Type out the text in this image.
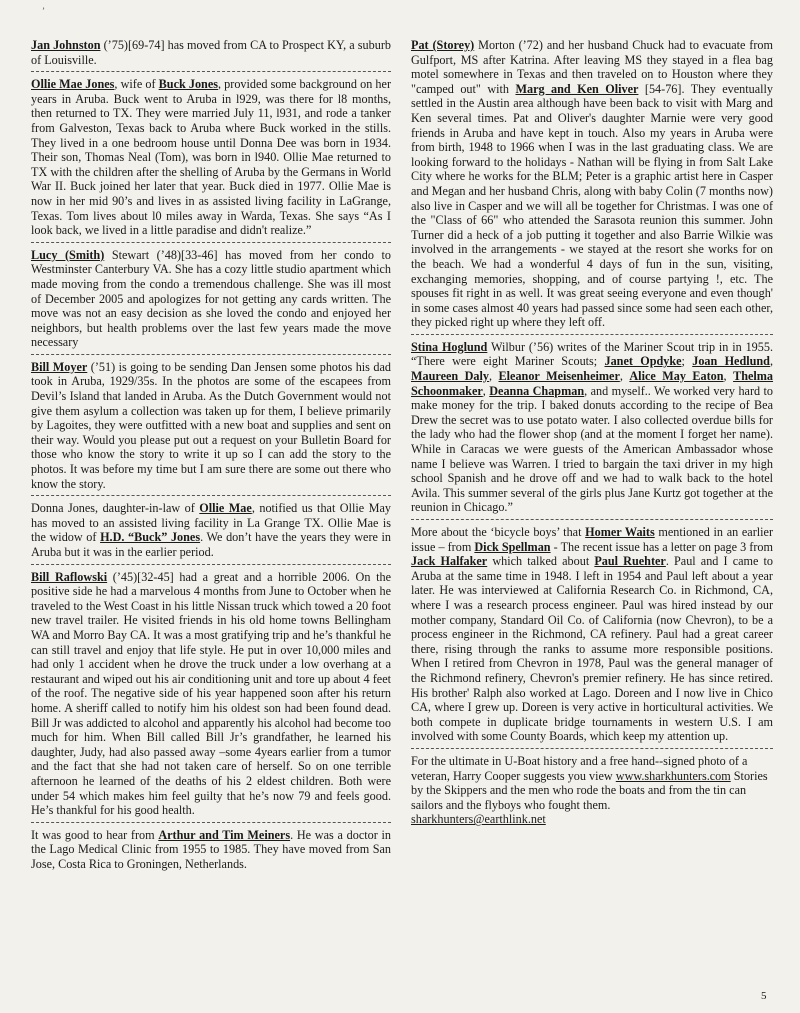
’

Jan Johnston (’75)[69-74] has moved from CA to Prospect KY, a suburb of Louisville.

Ollie Mae Jones, wife of Buck Jones, provided some background on her years in Aruba. Buck went to Aruba in l929, was there for l8 months, then returned to TX. They were married July 11, l931, and rode a tanker from Galveston, Texas back to Aruba where Buck worked in the stills. They lived in a one bedroom house until Donna Dee was born in 1934. Their son, Thomas Neal (Tom), was born in l940. Ollie Mae returned to TX with the children after the shelling of Aruba by the Germans in World War II. Buck joined her later that year. Buck died in 1977. Ollie Mae is now in her mid 90’s and lives in as assisted living facility in LaGrange, Texas. Tom lives about l0 miles away in Warda, Texas. She says “As I look back, we lived in a little paradise and didn't realize.”

Lucy (Smith) Stewart (’48)[33-46] has moved from her condo to Westminster Canterbury VA. She has a cozy little studio apartment which made moving from the condo a tremendous challenge. She was ill most of December 2005 and apologizes for not getting any cards written. The move was not an easy decision as she loved the condo and enjoyed her neighbors, but health problems over the last few years made the move necessary

Bill Moyer (’51) is going to be sending Dan Jensen some photos his dad took in Aruba, 1929/35s. In the photos are some of the escapees from Devil’s Island that landed in Aruba. As the Dutch Government would not give them asylum a collection was taken up for them, I believe primarily by Lagoites, they were outfitted with a new boat and supplies and sent on their way. Would you please put out a request on your Bulletin Board for those who know the story to write it up so I can add the story to the photos. It was before my time but I am sure there are some out there who know the story.

Donna Jones, daughter-in-law of Ollie Mae, notified us that Ollie May has moved to an assisted living facility in La Grange TX. Ollie Mae is the widow of H.D. “Buck” Jones. We don’t have the years they were in Aruba but it was in the earlier period.

Bill Raflowski (’45)[32-45] had a great and a horrible 2006. On the positive side he had a marvelous 4 months from June to October when he traveled to the West Coast in his little Nissan truck which towed a 20 foot new travel trailer. He visited friends in his old home towns Bellingham WA and Morro Bay CA. It was a most gratifying trip and he’s thankful he can still travel and enjoy that life style. He put in over 10,000 miles and had only 1 accident when he drove the truck under a low overhang at a restaurant and wiped out his air conditioning unit and tore up about 4 feet of the roof. The negative side of his year happened soon after his return home. A sheriff called to notify him his oldest son had been found dead. Bill Jr was addicted to alcohol and apparently his alcohol had become too much for him. When Bill called Bill Jr’s grandfather, he learned his daughter, Judy, had also passed away –some 4years earlier from a tumor and the fact that she had not taken care of herself. So on one terrible afternoon he learned of the deaths of his 2 eldest children. Both were under 54 which makes him feel guilty that he’s now 79 and feels good. He’s thankful for his good health.

It was good to hear from Arthur and Tim Meiners. He was a doctor in the Lago Medical Clinic from 1955 to 1985. They have moved from San Jose, Costa Rica to Groningen, Netherlands.

Pat (Storey) Morton (’72) and her husband Chuck had to evacuate from Gulfport, MS after Katrina. After leaving MS they stayed in a flea bag motel somewhere in Texas and then traveled on to Houston where they "camped out" with Marg and Ken Oliver [54-76]. They eventually settled in the Austin area although have been back to visit with Marg and Ken several times. Pat and Oliver's daughter Marnie were very good friends in Aruba and have kept in touch. Also my years in Aruba were from birth, 1948 to 1966 when I was in the last graduating class. We are looking forward to the holidays - Nathan will be flying in from Salt Lake City where he works for the BLM; Peter is a graphic artist here in Casper and Megan and her husband Chris, along with baby Colin (7 months now) also live in Casper and we will all be together for Christmas. I was one of the "Class of 66" who attended the Sarasota reunion this summer. John Turner did a heck of a job putting it together and also Barrie Wilkie was involved in the arrangements - we stayed at the resort she works for on the beach. We had a wonderful 4 days of fun in the sun, visiting, exchanging memories, shopping, and of course partying !, etc. The spouses fit right in as well. It was great seeing everyone and even though' in some cases almost 40 years had passed since some had seen each other, they picked right up where they left off.

Stina Hoglund Wilbur (’56) writes of the Mariner Scout trip in in 1955. “There were eight Mariner Scouts; Janet Opdyke; Joan Hedlund, Maureen Daly, Eleanor Meisenheimer, Alice May Eaton, Thelma Schoonmaker, Deanna Chapman, and myself.. We worked very hard to make money for the trip. I baked donuts according to the recipe of Bea Drew the secret was to use potato water. I also collected overdue bills for the lady who had the flower shop (and at the moment I forget her name). While in Caracas we were guests of the American Ambassador whose name I believe was Warren. I tried to bargain the taxi driver in my high school Spanish and he drove off and we had to walk back to the hotel Avila. This summer several of the girls plus Jane Kurtz got together at the reunion in Chicago.”

More about the ‘bicycle boys’ that Homer Waits mentioned in an earlier issue – from Dick Spellman - The recent issue has a letter on page 3 from Jack Halfaker which talked about Paul Ruehter. Paul and I came to Aruba at the same time in 1948. I left in 1954 and Paul left about a year later. He was interviewed at California Research Co. in Richmond, CA, where I was a research process engineer. Paul was hired instead by our mother company, Standard Oil Co. of California (now Chevron), to be a process engineer in the Richmond, CA refinery. Paul had a great career there, rising through the ranks to assume more responsible positions. When I retired from Chevron in 1978, Paul was the general manager of the Richmond refinery, Chevron's premier refinery. He has since retired. His brother' Ralph also worked at Lago. Doreen and I now live in Chico CA, where I grew up. Doreen is very active in horticultural activities. We both compete in duplicate bridge tournaments in western U.S. I am involved with some County Boards, which keep my attention up.

For the ultimate in U-Boat history and a free hand--signed photo of a veteran, Harry Cooper suggests you view www.sharkhunters.com Stories by the Skippers and the men who rode the boats and from the tin can sailors and the flyboys who fought them.
sharkhunters@earthlink.net

5
